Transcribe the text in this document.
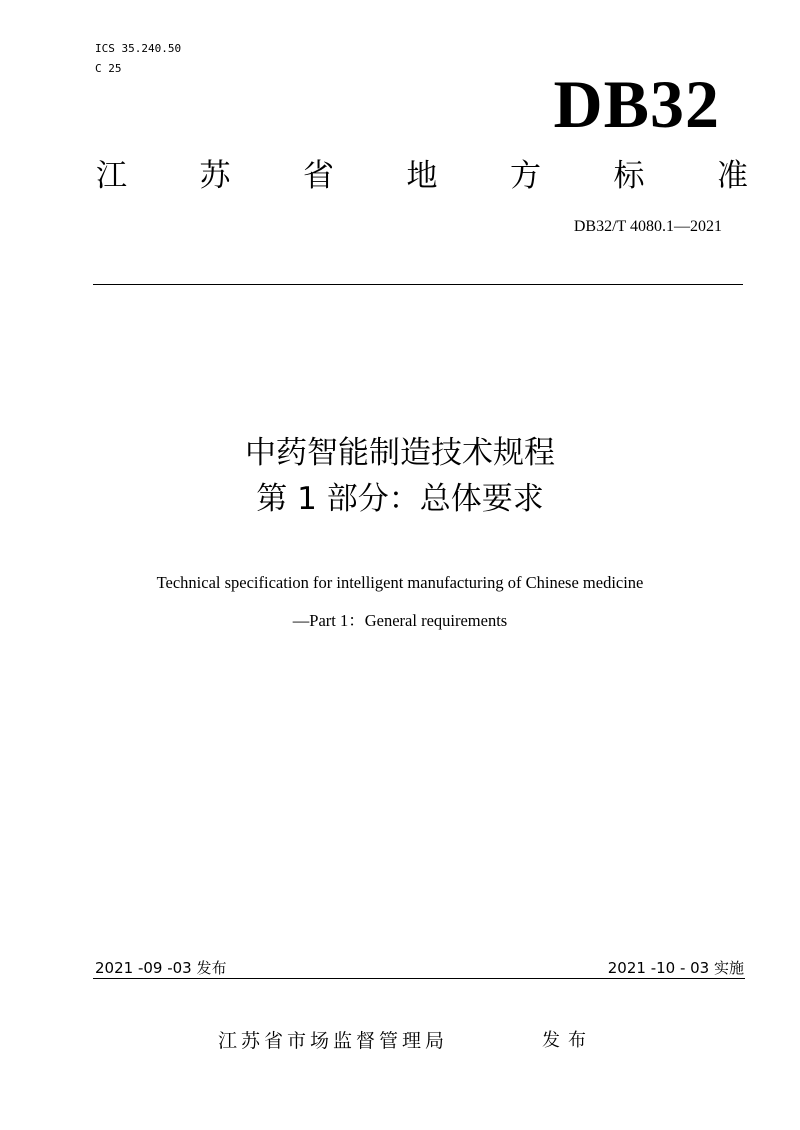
ICS 35.240.50
C 25	DB32
江 苏 省 地 方 标 准
DB32/T 4080.1—2021
中药智能制造技术规程
第 1 部分：总体要求
Technical specification for intelligent manufacturing of Chinese medicine
—Part 1：General requirements
2021 -09 -03 发布	2021 -10 - 03 实施
江苏省市场监督管理局	发布
